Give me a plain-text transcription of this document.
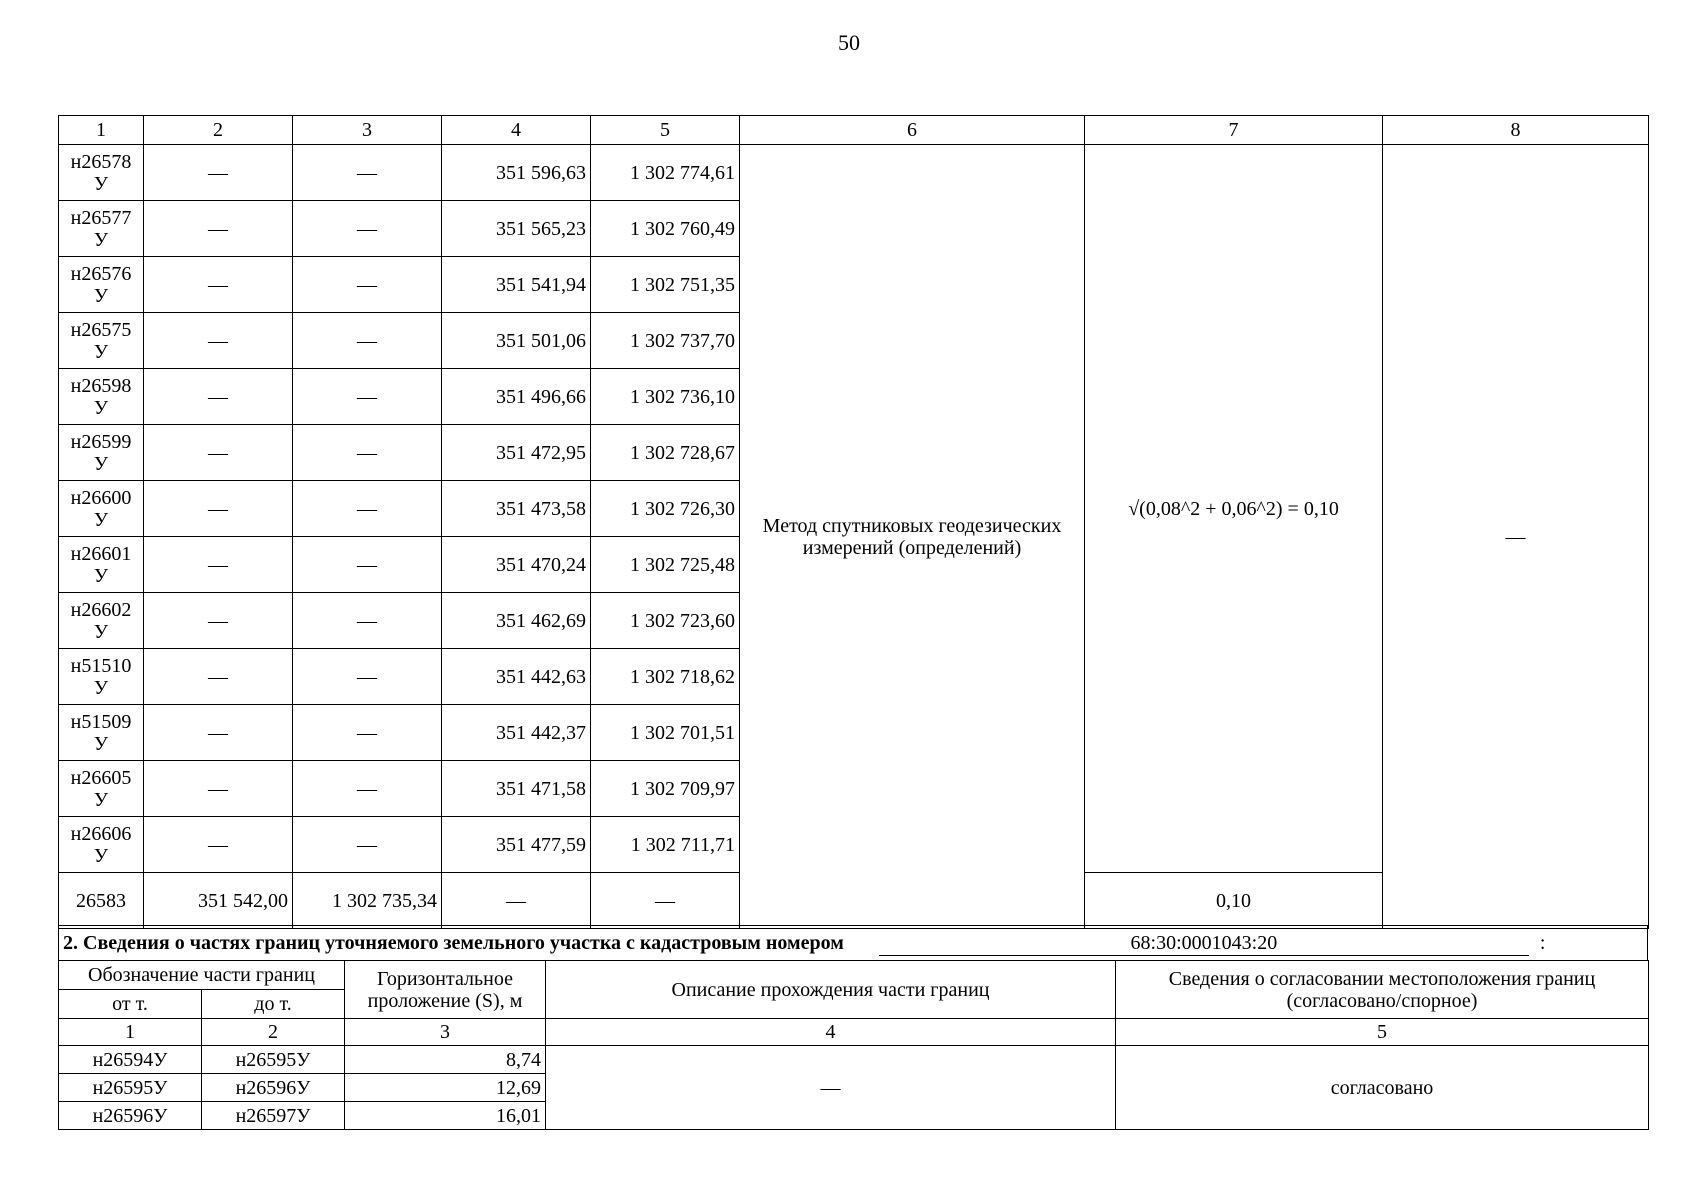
50
1	2	3	4	5	6	7	8

н26578
У	—	—	351 596,63	1 302 774,61	Метод спутниковых геодезических измерений (определений)	√(0,08^2 + 0,06^2) = 0,10	—

н26577
У	—	—	351 565,23	1 302 760,49			

н26576
У	—	—	351 541,94	1 302 751,35			

н26575
У	—	—	351 501,06	1 302 737,70			

н26598
У	—	—	351 496,66	1 302 736,10			

н26599
У	—	—	351 472,95	1 302 728,67			

н26600
У	—	—	351 473,58	1 302 726,30			

н26601
У	—	—	351 470,24	1 302 725,48			

н26602
У	—	—	351 462,69	1 302 723,60			

н51510
У	—	—	351 442,63	1 302 718,62			

н51509
У	—	—	351 442,37	1 302 701,51			

н26605
У	—	—	351 471,58	1 302 709,97			

н26606
У	—	—	351 477,59	1 302 711,71			
26583	351 542,00	1 302 735,34	—	—		0,10	
2. Сведения о частях границ уточняемого земельного участка с кадастровым номером	68:30:0001043:20	:
Обозначение части границ		Горизонтальное проложение (S), м	Описание прохождения части границ	Сведения о согласовании местоположения границ (согласовано/спорное)
от т.	до т.			
1	2	3	4	5
н26594У	н26595У	8,74	—	согласовано
н26595У	н26596У	12,69		
н26596У	н26597У	16,01		
